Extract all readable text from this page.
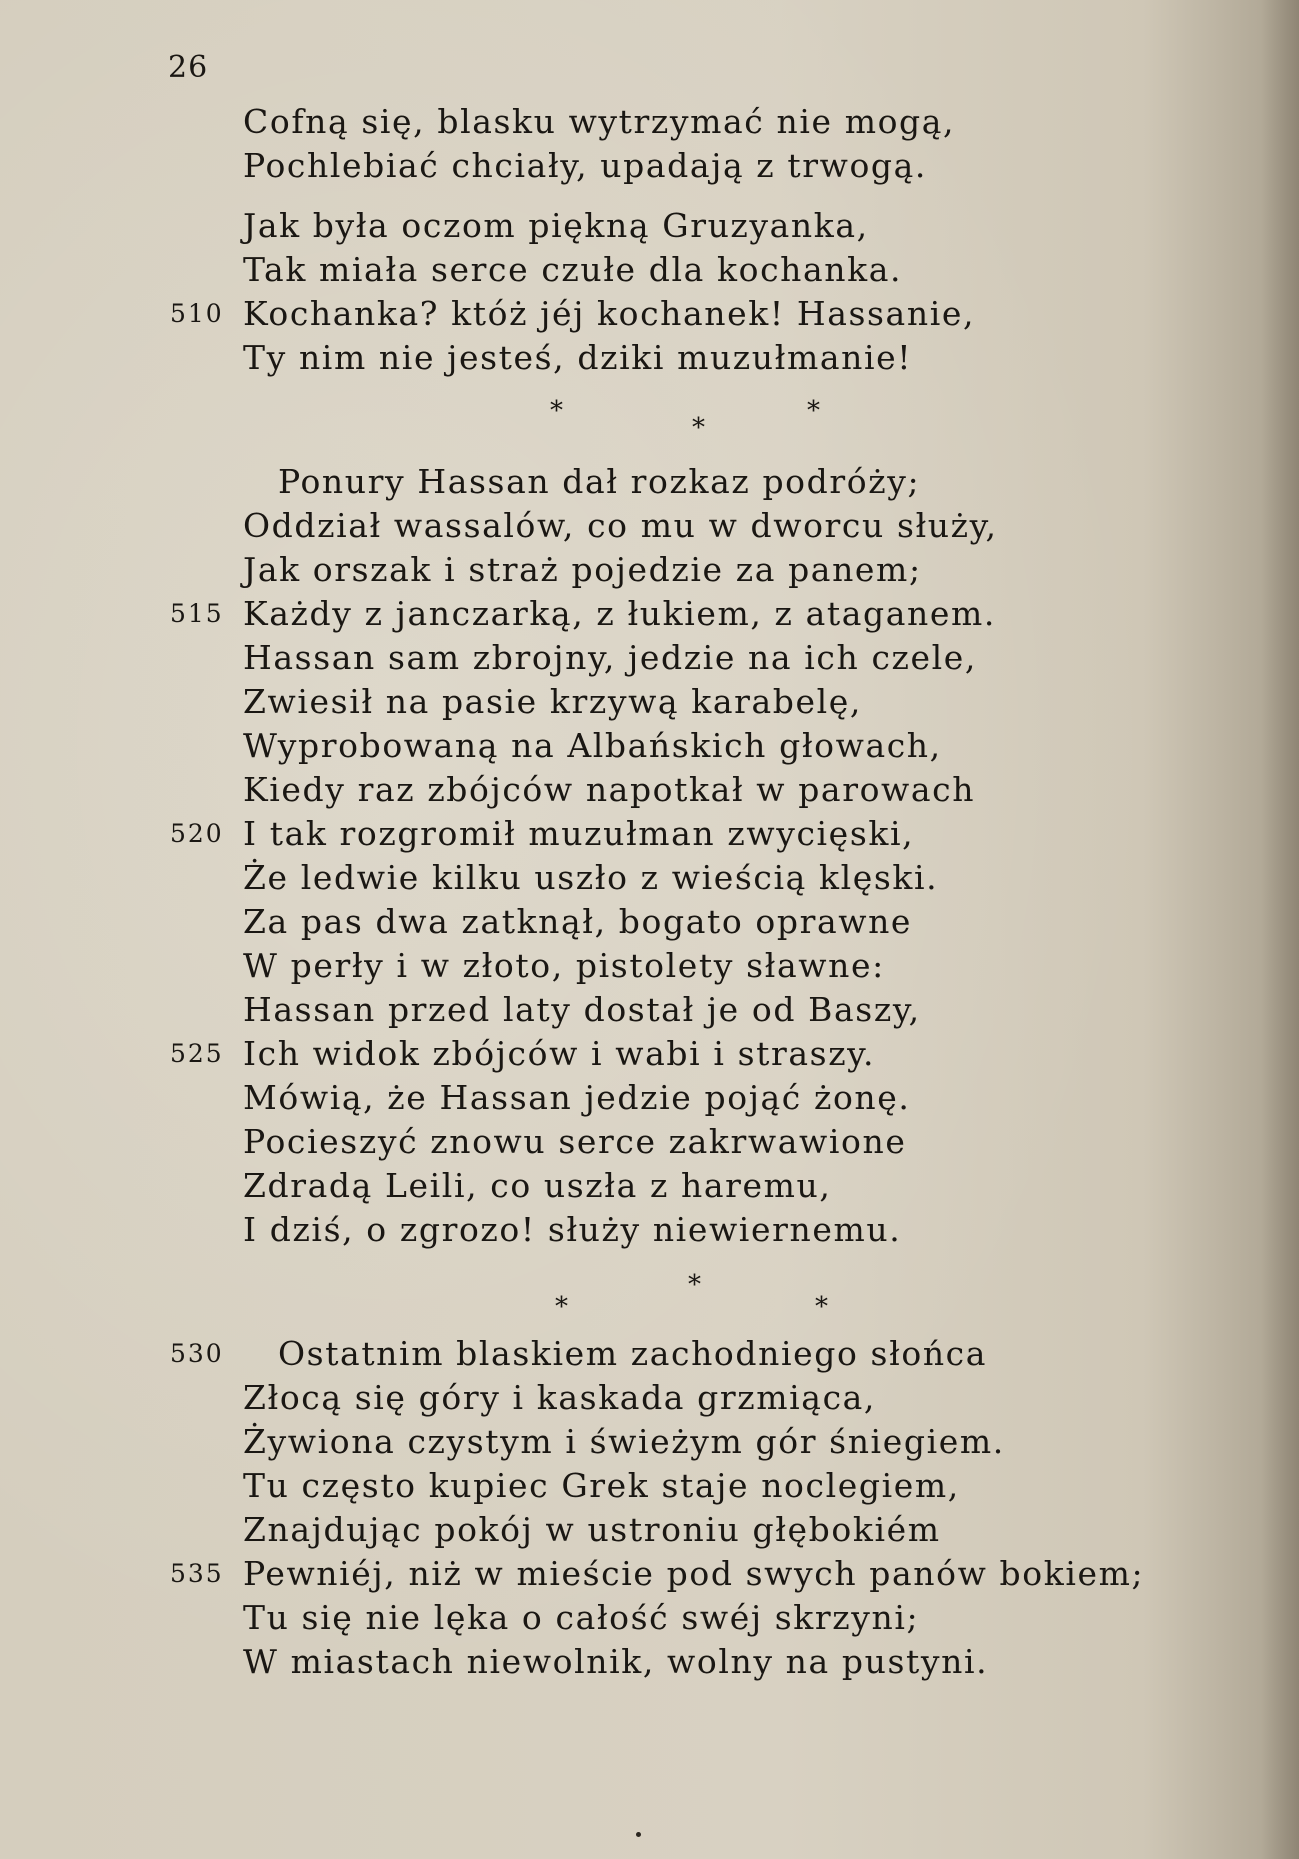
26
Cofną się, blasku wytrzymać nie mogą,
Pochlebiać chciały, upadają z trwogą.
Jak była oczom piękną Gruzyanka,
Tak miała serce czułe dla kochanka.
510 Kochanka? któż jéj kochanek! Hassanie,
Ty nim nie jesteś, dziki muzułmanie!
*
*
*
Ponury Hassan dał rozkaz podróży;
Oddział wassalów, co mu w dworcu służy,
Jak orszak i straż pojedzie za panem;
515 Każdy z janczarką, z łukiem, z ataganem.
Hassan sam zbrojny, jedzie na ich czele,
Zwiesił na pasie krzywą karabelę,
Wyprobowaną na Albańskich głowach,
Kiedy raz zbójców napotkał w parowach
520 I tak rozgromił muzułman zwycięski,
Że ledwie kilku uszło z wieścią klęski.
Za pas dwa zatknął, bogato oprawne
W perły i w złoto, pistolety sławne:
Hassan przed laty dostał je od Baszy,
525 Ich widok zbójców i wabi i straszy.
Mówią, że Hassan jedzie pojąć żonę.
Pocieszyć znowu serce zakrwawione
Zdradą Leili, co uszła z haremu,
I dziś, o zgrozo! służy niewiernemu.
*
*	*
530 Ostatnim blaskiem zachodniego słońca
Złocą się góry i kaskada grzmiąca,
Żywiona czystym i świeżym gór śniegiem.
Tu często kupiec Grek staje noclegiem,
Znajdując pokój w ustroniu głębokiém
535 Pewniéj, niż w mieście pod swych panów bokiem;
Tu się nie lęka o całość swéj skrzyni;
W miastach niewolnik, wolny na pustyni.
